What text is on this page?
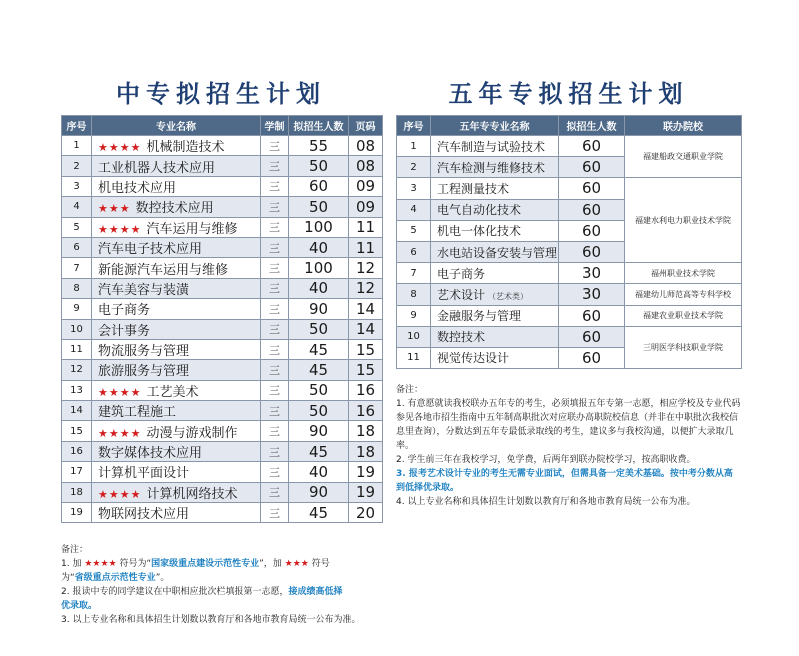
中专拟招生计划
序号	专业名称	学制	拟招生人数	页码
1	★★★★ 机械制造技术	三	55	08
2	工业机器人技术应用	三	50	08
3	机电技术应用	三	60	09
4	★★★ 数控技术应用	三	50	09
5	★★★★ 汽车运用与维修	三	100	11
6	汽车电子技术应用	三	40	11
7	新能源汽车运用与维修	三	100	12
8	汽车美容与装潢	三	40	12
9	电子商务	三	90	14
10	会计事务	三	50	14
11	物流服务与管理	三	45	15
12	旅游服务与管理	三	45	15
13	★★★★ 工艺美术	三	50	16
14	建筑工程施工	三	50	16
15	★★★★ 动漫与游戏制作	三	90	18
16	数字媒体技术应用	三	45	18
17	计算机平面设计	三	40	19
18	★★★★ 计算机网络技术	三	90	19
19	物联网技术应用	三	45	20

备注：

1. 加 ★★★★ 符号为“国家级重点建设示范性专业”，加 ★★★ 符号
为“省级重点示范性专业”。

2. 报读中专的同学建议在中职相应批次栏填报第一志愿，接成绩高低择
优录取。

3. 以上专业名称和具体招生计划数以教育厅和各地市教育局统一公布为准。

五年专拟招生计划
序号	五年专专业名称	拟招生人数	联办院校
1	汽车制造与试验技术	60	福建船政交通职业学院
2	汽车检测与维修技术	60	
3	工程测量技术	60	福建水利电力职业技术学院
4	电气自动化技术	60	
5	机电一体化技术	60	
6	水电站设备安装与管理	60	
7	电子商务	30	福州职业技术学院
8	艺术设计 （艺术类）	30	福建幼儿师范高等专科学校
9	金融服务与管理	60	福建农业职业技术学院
10	数控技术	60	三明医学科技职业学院
11	视觉传达设计	60	

备注：

1. 有意愿就读我校联办五年专的考生，必须填报五年专第一志愿，相应学校及专业代码参见各地市招生指南中五年制高职批次对应联办高职院校信息（并非在中职批次我校信息里查询），分数达到五年专最低录取线的考生，建议多与我校沟通，以便扩大录取几率。

2. 学生前三年在我校学习，免学费，后两年到联办院校学习，按高职收费。

3. 报考艺术设计专业的考生无需专业面试，但需具备一定美术基础。按中考分数从高到低择优录取。

4. 以上专业名称和具体招生计划数以教育厅和各地市教育局统一公布为准。
